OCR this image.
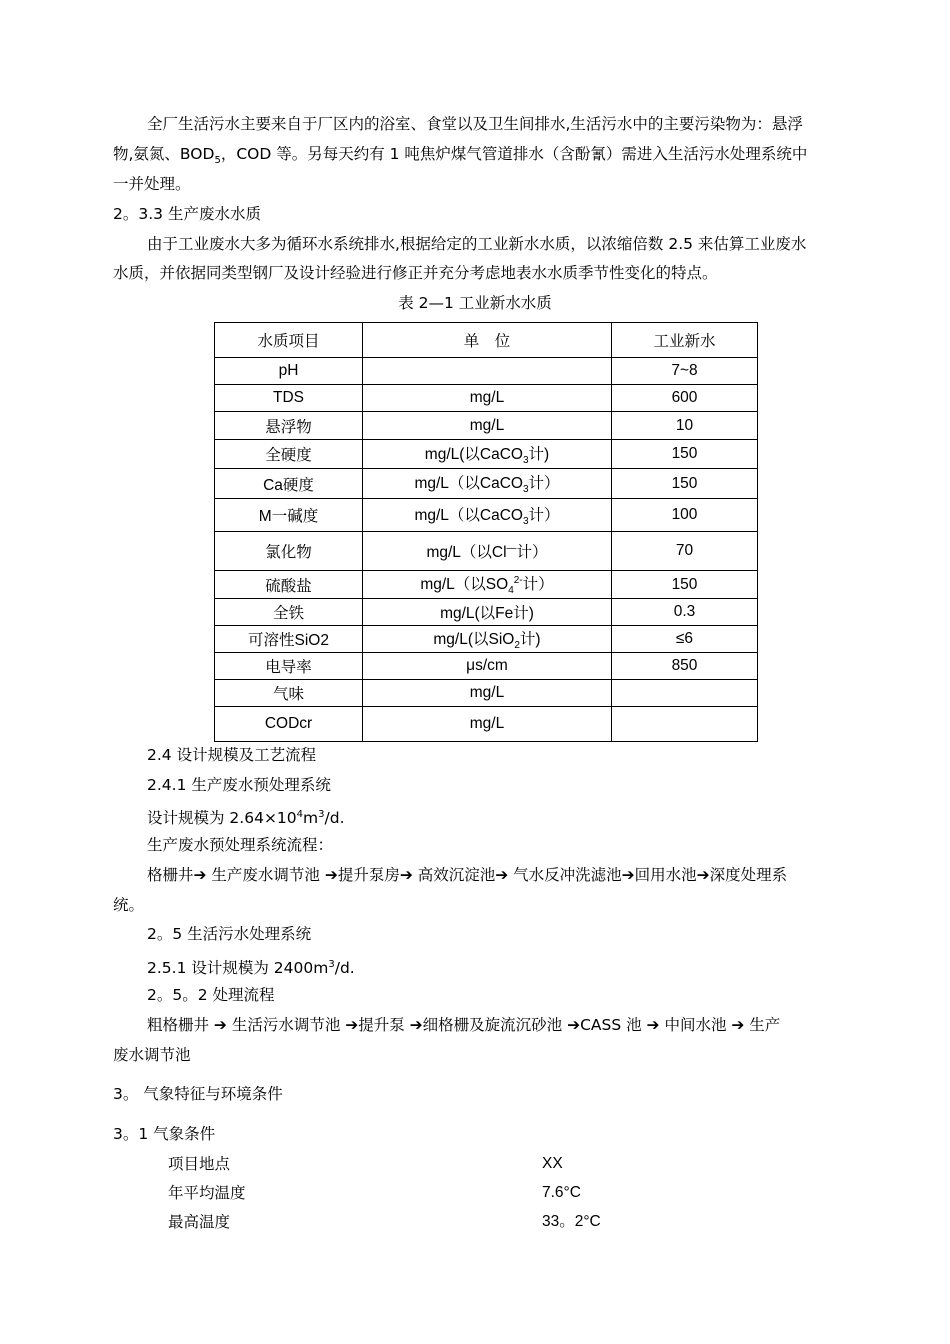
全厂生活污水主要来自于厂区内的浴室、食堂以及卫生间排水,生活污水中的主要污染物为：悬浮
物,氨氮、$BOD_5$，COD 等。另每天约有 1 吨焦炉煤气管道排水（含酚氰）需进入生活污水处理系统中
一并处理。
2。3.3 生产废水水质
由于工业废水大多为循环水系统排水,根据给定的工业新水水质，以浓缩倍数 2.5 来估算工业废水
水质，并依据同类型钢厂及设计经验进行修正并充分考虑地表水水质季节性变化的特点。
表 2—1 工业新水水质
水质项目	单　位	工业新水
pH		7~8
TDS	mg/L	600
悬浮物	mg/L	10
全硬度	mg/L(以CaCO$_3$计)	150
Ca硬度	mg/L（以CaCO$_3$计）	150
M一碱度	mg/L（以CaCO$_3$计）	100
氯化物	mg/L（以Cl—计）	70
硫酸盐	mg/L（以$SO_4^{2-}$计）	150
全铁	mg/L(以Fe计)	0.3
可溶性SiO2	mg/L(以SiO$_2$计)	≤6
电导率	μs/cm	850
气味	mg/L	
CODcr	mg/L	
2.4 设计规模及工艺流程
2.4.1 生产废水预处理系统
设计规模为 $2.64\times 10^4m^3/d$.
生产废水预处理系统流程：
格栅井➔ 生产废水调节池 ➔提升泵房➔ 高效沉淀池➔ 气水反冲洗滤池➔回用水池➔深度处理系
统。
2。5 生活污水处理系统
2.5.1 设计规模为 $2400m^3/d$.
2。5。2 处理流程
粗格栅井 ➔ 生活污水调节池 ➔提升泵 ➔细格栅及旋流沉砂池 ➔CASS 池 ➔ 中间水池 ➔ 生产
废水调节池
3。 气象特征与环境条件
3。1 气象条件
项目地点	XX
年平均温度	7.6°C
最高温度	33。2°C
